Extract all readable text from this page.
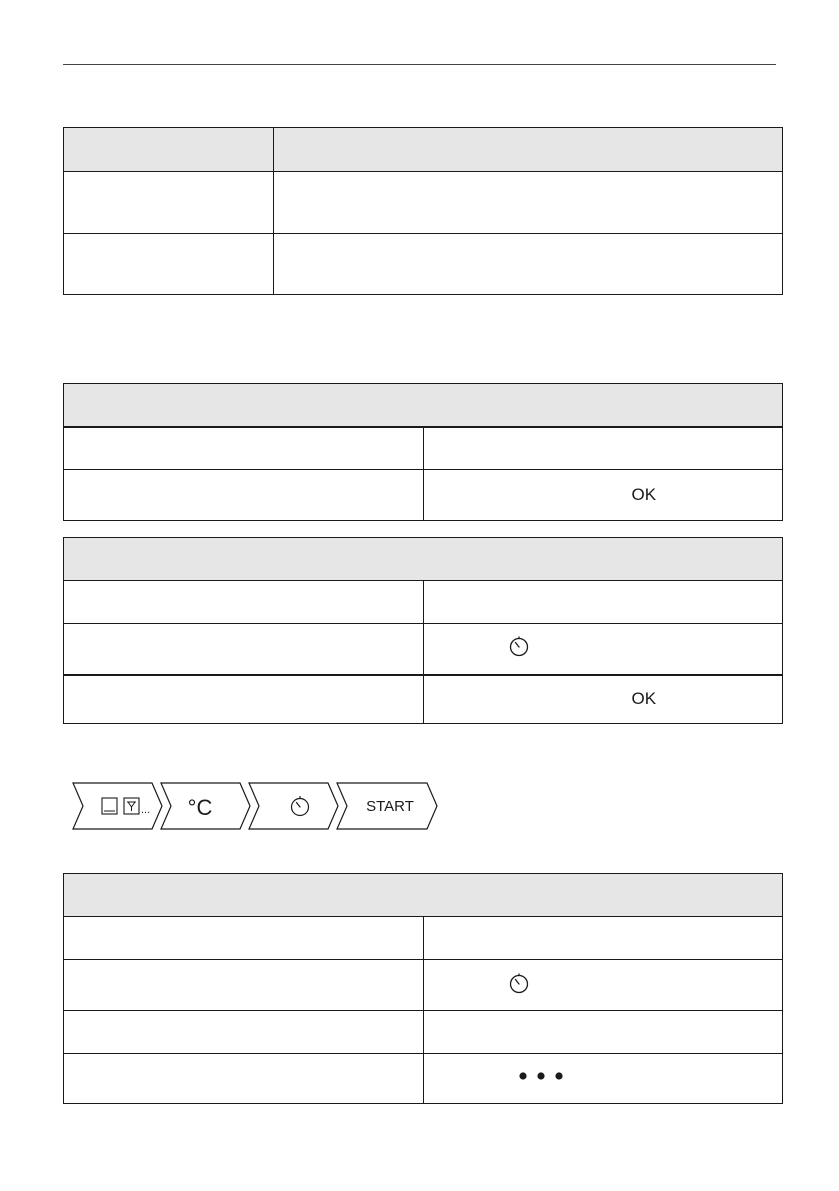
	OK

	OK
... °C	START
